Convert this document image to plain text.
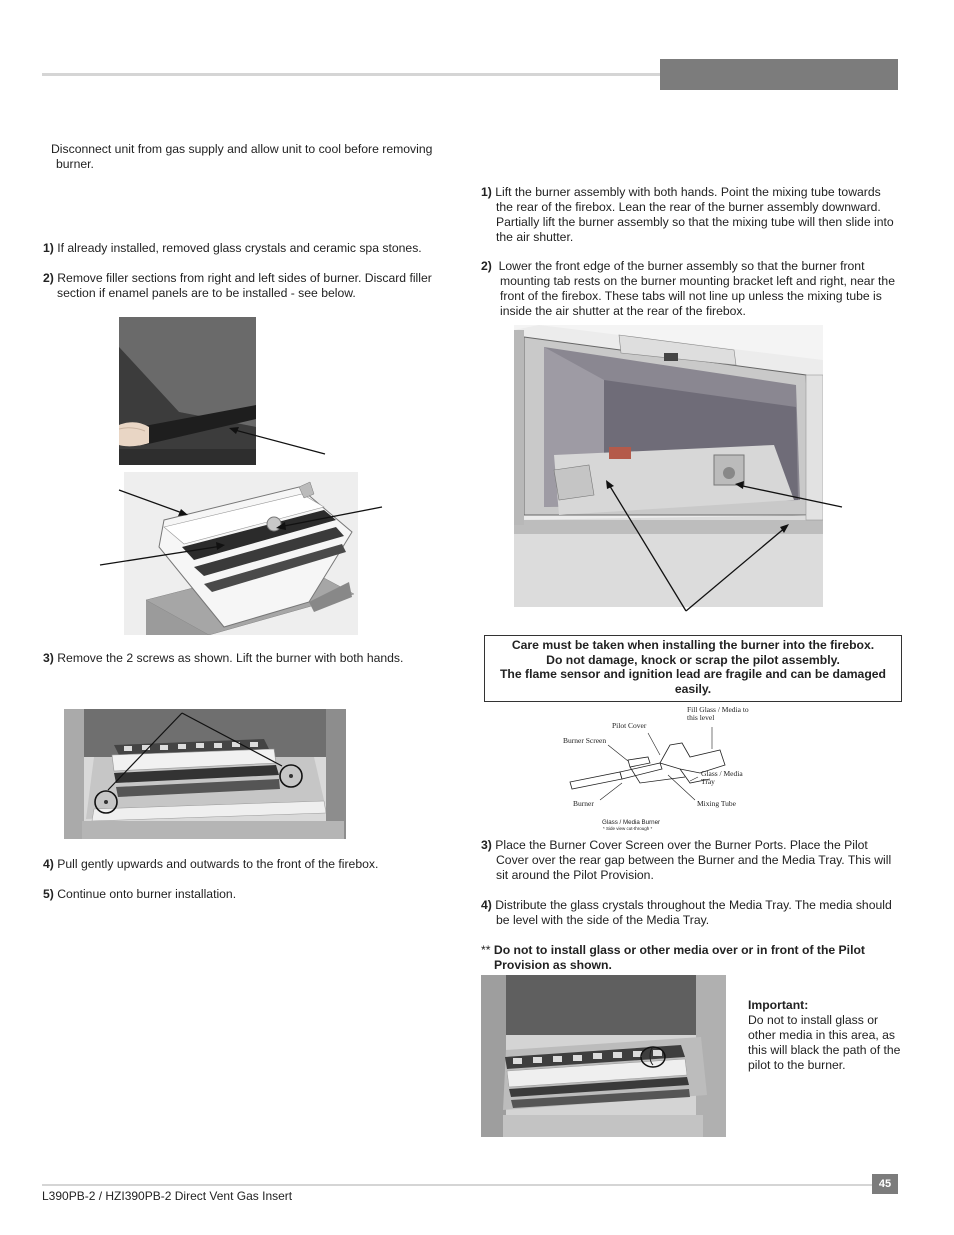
Disconnect unit from gas supply and allow unit to cool before removing burner.
1) If already installed, removed glass crystals and ceramic spa stones.
2) Remove filler sections from right and left sides of burner. Discard filler section if enamel panels are to be installed - see below.
3) Remove the 2 screws as shown. Lift the burner with both hands.
4) Pull gently upwards and outwards to the front of the firebox.
5) Continue onto burner installation.
1) Lift the burner assembly with both hands. Point the mixing tube towards the rear of the firebox. Lean the rear of the burner assembly downward. Partially lift the burner assembly so that the mixing tube will then slide into the air shutter.
2) Lower the front edge of the burner assembly so that the burner front mounting tab rests on the burner mounting bracket left and right, near the front of the firebox. These tabs will not line up unless the mixing tube is inside the air shutter at the rear of the firebox.
Care must be taken when installing the burner into the firebox.
Do not damage, knock or scrap the pilot assembly.
The flame sensor and ignition lead are fragile and can be damaged easily.
Fill Glass / Media to this level
Pilot Cover
Burner Screen
Glass / Media Tray
Burner	Mixing Tube
Glass / Media Burner
* Side view cut-through *
3) Place the Burner Cover Screen over the Burner Ports. Place the Pilot Cover over the rear gap between the Burner and the Media Tray. This will sit around the Pilot Provision.
4) Distribute the glass crystals throughout the Media Tray. The media should be level with the side of the Media Tray.
** Do not to install glass or other media over or in front of the Pilot Provision as shown.
Important:
Do not to install glass or other media in this area, as this will black the path of the pilot to the burner.
45
L390PB-2 / HZI390PB-2 Direct Vent Gas Insert
